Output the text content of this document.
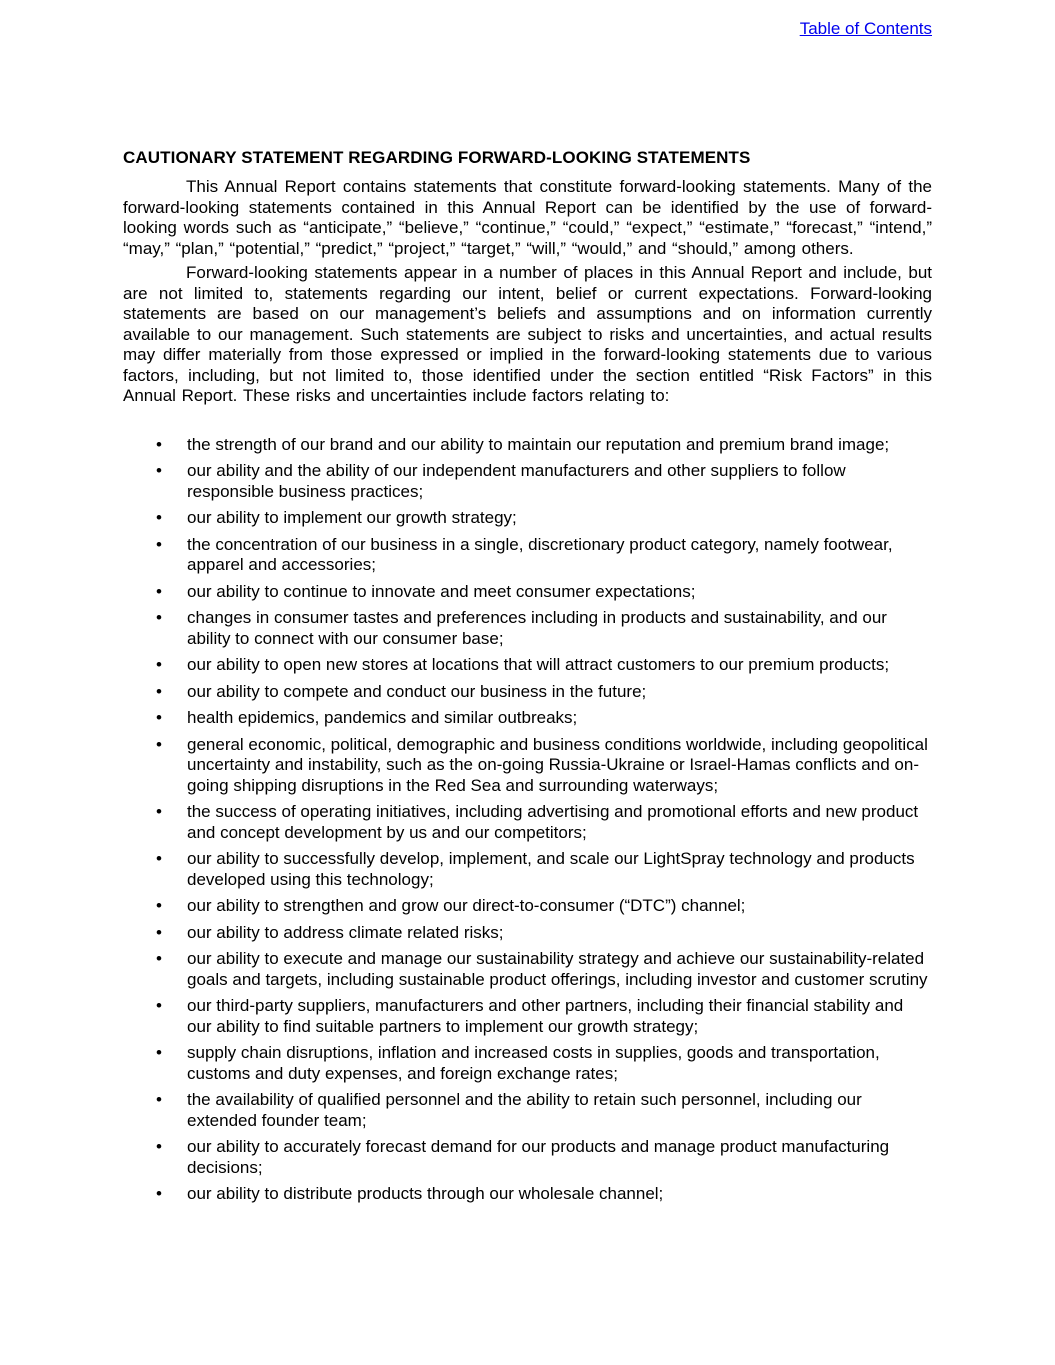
Table of Contents
CAUTIONARY STATEMENT REGARDING FORWARD-LOOKING STATEMENTS

This Annual Report contains statements that constitute forward-looking statements. Many of the forward-looking statements contained in this Annual Report can be identified by the use of forward-looking words such as “anticipate,” “believe,” “continue,” “could,” “expect,” “estimate,” “forecast,” “intend,” “may,” “plan,” “potential,” “predict,” “project,” “target,” “will,” “would,” and “should,” among others.

Forward-looking statements appear in a number of places in this Annual Report and include, but are not limited to, statements regarding our intent, belief or current expectations. Forward-looking statements are based on our management’s beliefs and assumptions and on information currently available to our management. Such statements are subject to risks and uncertainties, and actual results may differ materially from those expressed or implied in the forward-looking statements due to various factors, including, but not limited to, those identified under the section entitled “Risk Factors” in this Annual Report. These risks and uncertainties include factors relating to:

• the strength of our brand and our ability to maintain our reputation and premium brand image;
• our ability and the ability of our independent manufacturers and other suppliers to follow responsible business practices;
• our ability to implement our growth strategy;
• the concentration of our business in a single, discretionary product category, namely footwear, apparel and accessories;
• our ability to continue to innovate and meet consumer expectations;
• changes in consumer tastes and preferences including in products and sustainability, and our ability to connect with our consumer base;
• our ability to open new stores at locations that will attract customers to our premium products;
• our ability to compete and conduct our business in the future;
• health epidemics, pandemics and similar outbreaks;
• general economic, political, demographic and business conditions worldwide, including geopolitical uncertainty and instability, such as the on-going Russia-Ukraine or Israel-Hamas conflicts and on-going shipping disruptions in the Red Sea and surrounding waterways;
• the success of operating initiatives, including advertising and promotional efforts and new product and concept development by us and our competitors;
• our ability to successfully develop, implement, and scale our LightSpray technology and products developed using this technology;
• our ability to strengthen and grow our direct-to-consumer (“DTC”) channel;
• our ability to address climate related risks;
• our ability to execute and manage our sustainability strategy and achieve our sustainability-related goals and targets, including sustainable product offerings, including investor and customer scrutiny
• our third-party suppliers, manufacturers and other partners, including their financial stability and our ability to find suitable partners to implement our growth strategy;
• supply chain disruptions, inflation and increased costs in supplies, goods and transportation, customs and duty expenses, and foreign exchange rates;
• the availability of qualified personnel and the ability to retain such personnel, including our extended founder team;
• our ability to accurately forecast demand for our products and manage product manufacturing decisions;
• our ability to distribute products through our wholesale channel;
